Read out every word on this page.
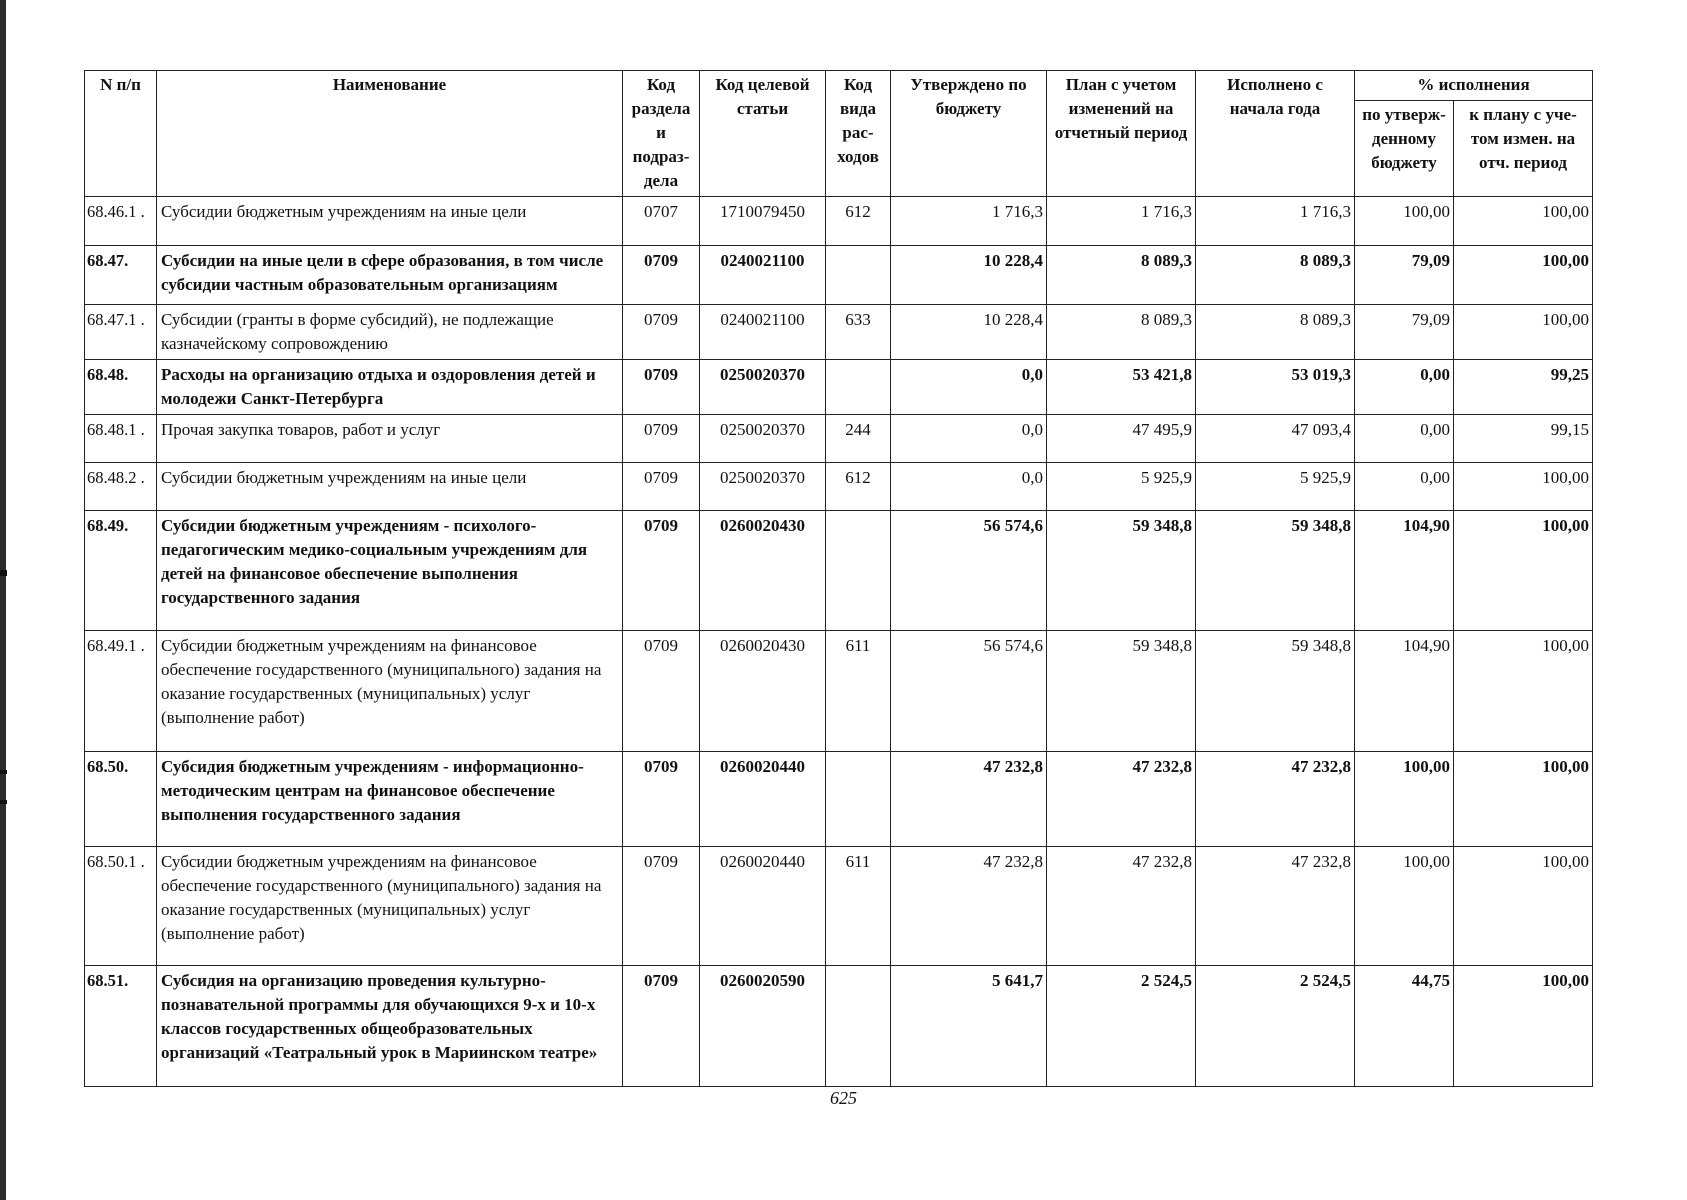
N п/п	Наименование	Код раздела и подраз- дела	Код целевой статьи	Код вида рас- ходов	Утверждено по бюджету	План с учетом изменений на отчетный период	Исполнено с начала года	% исполнения	
								по утверж- денному бюджету	к плану с уче- том измен. на отч. период
68.46.1 .	Субсидии бюджетным учреждениям на иные цели	0707	1710079450	612	1 716,3	1 716,3	1 716,3	100,00	100,00
68.47.	Субсидии на иные цели в сфере образования, в том числе субсидии частным образовательным организациям	0709	0240021100		10 228,4	8 089,3	8 089,3	79,09	100,00
68.47.1 .	Субсидии (гранты в форме субсидий), не подлежащие казначейскому сопровождению	0709	0240021100	633	10 228,4	8 089,3	8 089,3	79,09	100,00
68.48.	Расходы на организацию отдыха и оздоровления детей и молодежи Санкт-Петербурга	0709	0250020370		0,0	53 421,8	53 019,3	0,00	99,25
68.48.1 .	Прочая закупка товаров, работ и услуг	0709	0250020370	244	0,0	47 495,9	47 093,4	0,00	99,15
68.48.2 .	Субсидии бюджетным учреждениям на иные цели	0709	0250020370	612	0,0	5 925,9	5 925,9	0,00	100,00
68.49.	Субсидии бюджетным учреждениям - психолого-педагогическим медико-социальным учреждениям для детей на финансовое обеспечение выполнения государственного задания	0709	0260020430		56 574,6	59 348,8	59 348,8	104,90	100,00
68.49.1 .	Субсидии бюджетным учреждениям на финансовое обеспечение государственного (муниципального) задания на оказание государственных (муниципальных) услуг (выполнение работ)	0709	0260020430	611	56 574,6	59 348,8	59 348,8	104,90	100,00
68.50.	Субсидия бюджетным учреждениям - информационно-методическим центрам на финансовое обеспечение выполнения государственного задания	0709	0260020440		47 232,8	47 232,8	47 232,8	100,00	100,00
68.50.1 .	Субсидии бюджетным учреждениям на финансовое обеспечение государственного (муниципального) задания на оказание государственных (муниципальных) услуг (выполнение работ)	0709	0260020440	611	47 232,8	47 232,8	47 232,8	100,00	100,00
68.51.	Субсидия на организацию проведения культурно-познавательной программы для обучающихся 9-х и 10-х классов государственных общеобразовательных организаций «Театральный урок в Мариинском театре»	0709	0260020590		5 641,7	2 524,5	2 524,5	44,75	100,00
625
